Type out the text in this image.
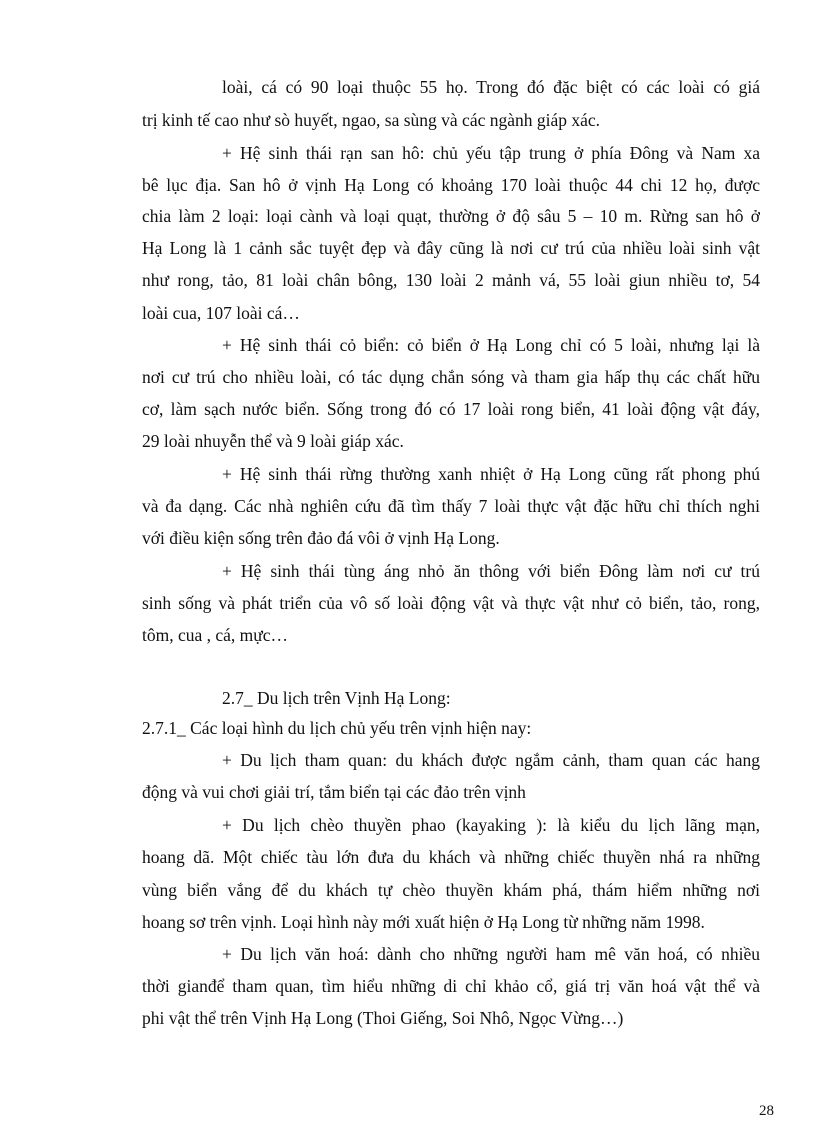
loài, cá có 90 loại thuộc 55 họ. Trong đó đặc biệt có các loài có giá
trị kinh tế cao như sò huyết, ngao, sa sùng và các ngành giáp xác.
+ Hệ sinh thái rạn san hô: chủ yếu tập trung ở phía Đông và Nam xa
bê lục địa. San hô ở vịnh Hạ Long có khoảng 170 loài thuộc 44 chi 12 họ, được
chia làm 2 loại: loại cành và loại quạt, thường ở độ sâu 5 – 10 m. Rừng san hô ở
Hạ Long là 1 cảnh sắc tuyệt đẹp và đây cũng là nơi cư trú của nhiều loài sinh vật
như rong, tảo, 81 loài chân bông, 130 loài 2 mảnh vá, 55 loài giun nhiều tơ, 54
loài cua, 107 loài cá…
+ Hệ sinh thái cỏ biển: cỏ biển ở Hạ Long chỉ có 5 loài, nhưng lại là
nơi cư trú cho nhiều loài, có tác dụng chắn sóng và tham gia hấp thụ các chất hữu
cơ, làm sạch nước biển. Sống trong đó có 17 loài rong biển, 41 loài động vật đáy,
29 loài nhuyễn thể và 9 loài giáp xác.
+ Hệ sinh thái rừng thường xanh nhiệt ở Hạ Long cũng rất phong phú
và đa dạng. Các nhà nghiên cứu đã tìm thấy 7 loài thực vật đặc hữu chỉ thích nghi
với điều kiện sống trên đảo đá vôi ở vịnh Hạ Long.
+ Hệ sinh thái tùng áng nhỏ ăn thông với biển Đông làm nơi cư trú
sinh sống và phát triển của vô số loài động vật và thực vật như cỏ biển, tảo, rong,
tôm, cua , cá, mực…
2.7_ Du lịch trên Vịnh Hạ Long:
2.7.1_ Các loại hình du lịch chủ yếu trên vịnh hiện nay:
+ Du lịch tham quan: du khách được ngắm cảnh, tham quan các hang
động và vui chơi giải trí, tắm biển tại các đảo trên vịnh
+ Du lịch chèo thuyền phao (kayaking ): là kiểu du lịch lãng mạn,
hoang dã. Một chiếc tàu lớn đưa du khách và những chiếc thuyền nhá ra những
vùng biển vắng để du khách tự chèo thuyền khám phá, thám hiểm những nơi
hoang sơ trên vịnh. Loại hình này mới xuất hiện ở Hạ Long từ những năm 1998.
+ Du lịch văn hoá: dành cho những người ham mê văn hoá, có nhiều
thời gianđể tham quan, tìm hiểu những di chỉ khảo cổ, giá trị văn hoá vật thể và
phi vật thể trên Vịnh Hạ Long (Thoi Giếng, Soi Nhô, Ngọc Vừng…)
28
